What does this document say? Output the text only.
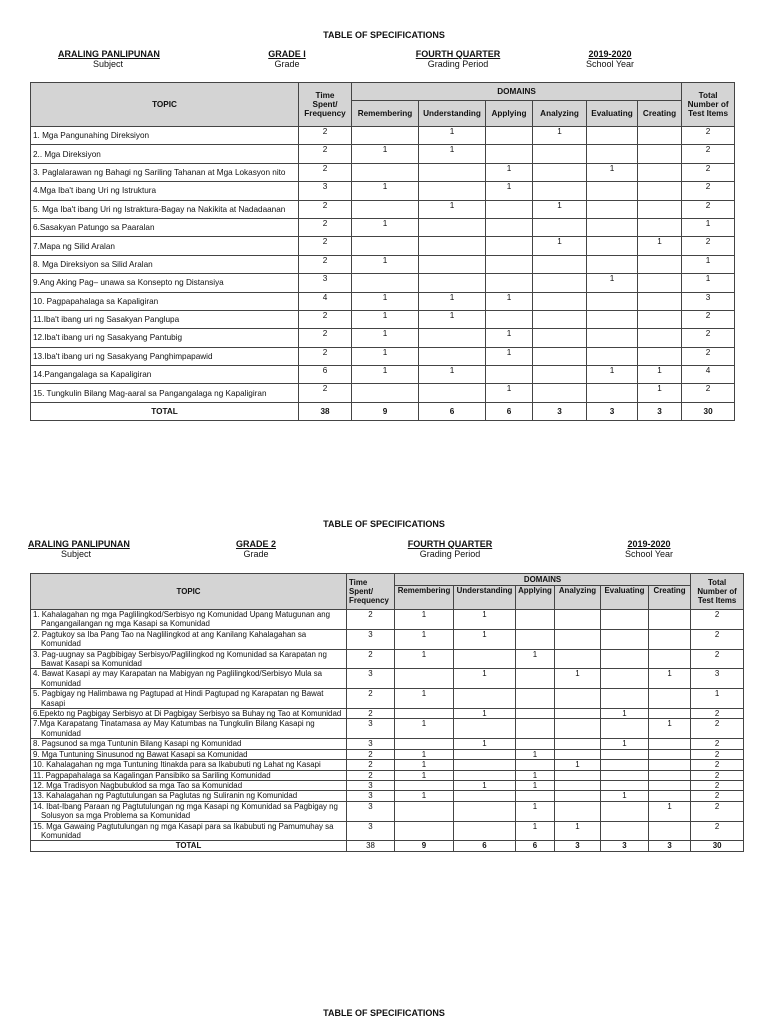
TABLE OF SPECIFICATIONS
ARALING PANLIPUNAN
Subject
GRADE I
Grade
FOURTH QUARTER
Grading Period
2019-2020
School Year
TOPIC	Time
Spent/
Frequency	DOMAINS						Total
Number of
Test Items
		Remembering	Understanding	Applying	Analyzing	Evaluating	Creating	
1. Mga Pangunahing Direksiyon	2		1		1			2
2.. Mga Direksiyon	2	1	1					2
3. Paglalarawan ng Bahagi ng Sariling Tahanan at Mga Lokasyon nito	2			1		1		2
4.Mga Iba't ibang Uri ng Istruktura	3	1		1				2
5. Mga Iba't ibang Uri ng Istraktura-Bagay na Nakikita at Nadadaanan	2		1		1			2
6.Sasakyan Patungo sa Paaralan	2	1						1
7.Mapa ng Silid Aralan	2				1		1	2
8. Mga Direksiyon sa Silid Aralan	2	1						1
9.Ang Aking Pag– unawa sa Konsepto ng Distansiya	3					1		1
10. Pagpapahalaga sa Kapaligiran	4	1	1	1				3
11.Iba't ibang uri ng Sasakyan Panglupa	2	1	1					2
12.Iba't ibang uri ng Sasakyang Pantubig	2	1		1				2
13.Iba't ibang uri ng Sasakyang Panghimpapawid	2	1		1				2
14.Pangangalaga sa Kapaligiran	6	1	1			1	1	4
15. Tungkulin Bilang Mag-aaral sa Pangangalaga ng Kapaligiran	2			1			1	2
TOTAL	38	9	6	6	3	3	3	30
TABLE OF SPECIFICATIONS
ARALING PANLIPUNAN
Subject
GRADE 2
Grade
FOURTH QUARTER
Grading Period
2019-2020
School Year
TOPIC	Time
Spent/
Frequency	DOMAINS						Total
Number of
Test Items
		Remembering	Understanding	Applying	Analyzing	Evaluating	Creating	
1. Kahalagahan ng mga Paglilingkod/Serbisyo ng Komunidad Upang Matugunan ang Pangangailangan ng mga Kasapi sa Komunidad	2	1	1					2
2. Pagtukoy sa Iba Pang Tao na Naglilingkod at ang Kanilang Kahalagahan sa Komunidad	3	1	1					2
3. Pag-uugnay sa Pagbibigay Serbisyo/Paglilingkod ng Komunidad sa Karapatan ng Bawat Kasapi sa Komunidad	2	1		1				2
4. Bawat Kasapi ay may Karapatan na Mabigyan ng Paglilingkod/Serbisyo Mula sa Komunidad	3		1		1		1	3
5. Pagbigay ng Halimbawa ng Pagtupad at Hindi Pagtupad ng Karapatan ng Bawat Kasapi	2	1						1
6.Epekto ng Pagbigay Serbisyo at Di Pagbigay Serbisyo sa Buhay ng Tao at Komunidad	2		1			1		2
7.Mga Karapatang Tinatamasa ay May Katumbas na Tungkulin Bilang Kasapi ng Komunidad	3	1					1	2
8. Pagsunod sa mga Tuntunin Bilang Kasapi ng Komunidad	3		1			1		2
9. Mga Tuntuning Sinusunod ng Bawat Kasapi sa Komunidad	2	1		1				2
10. Kahalagahan ng mga Tuntuning Itinakda para sa Ikabubuti ng Lahat ng Kasapi	2	1			1			2
11. Pagpapahalaga sa Kagalingan Pansibiko sa Sariling Komunidad	2	1		1				2
12. Mga Tradisyon Nagbubuklod sa mga Tao sa Komunidad	3		1	1				2
13. Kahalagahan ng Pagtutulungan sa Paglutas ng Suliranin ng Komunidad	3	1				1		2
14. Ibat-Ibang Paraan ng Pagtutulungan ng mga Kasapi ng Komunidad sa Pagbigay ng Solusyon sa mga Problema sa Komunidad	3			1			1	2
15. Mga Gawaing Pagtutulungan ng mga Kasapi para sa Ikabubuti ng Pamumuhay sa Komunidad	3			1	1			2
TOTAL	38	9	6	6	3	3	3	30
TABLE OF SPECIFICATIONS
